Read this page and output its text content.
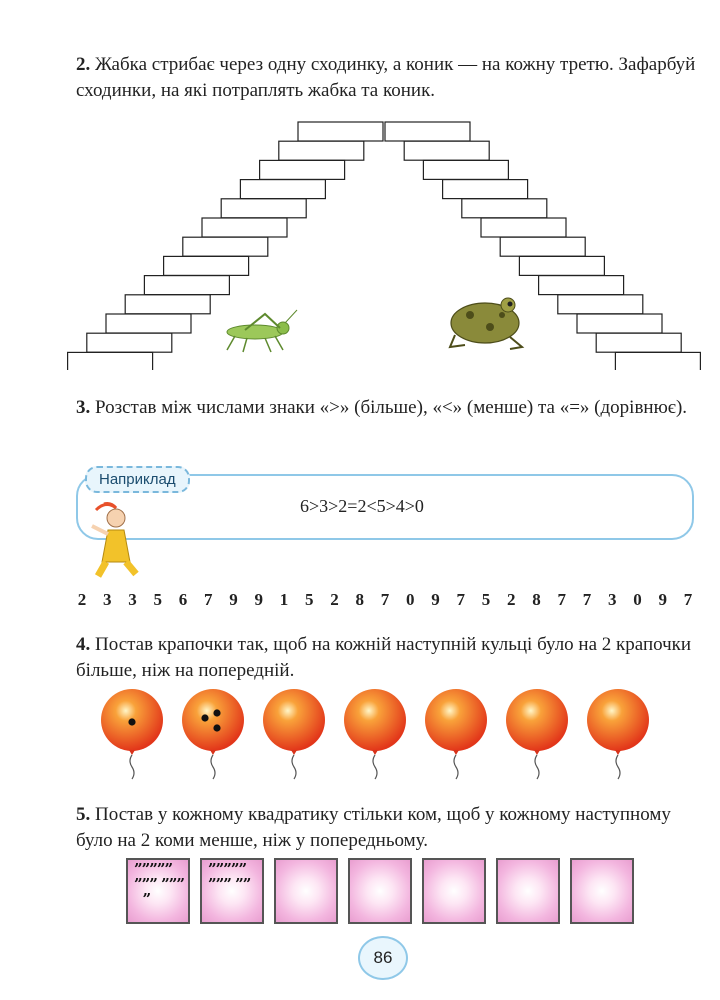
2. Жабка стрибає через одну сходинку, а коник — на кожну третю. Зафарбуй сходинки, на які потраплять жабка та коник.
3. Розстав між числами знаки «>» (більше), «<» (менше) та «=» (дорівнює).
Наприклад
6>3>2=2<5>4>0
2 3 3 5 6 7 9 9 1 5 2 8 7 0 9 7 5 2 8 7 7 3 0 9 7
4. Постав крапочки так, щоб на кожній наступній кульці було на 2 крапочки більше, ніж на попередній.
5. Постав у кожному квадратику стільки ком, щоб у кожному наступному було на 2 коми менше, ніж у попередньому.
”””””
””” ”””
”
”””””
””” ””
86
